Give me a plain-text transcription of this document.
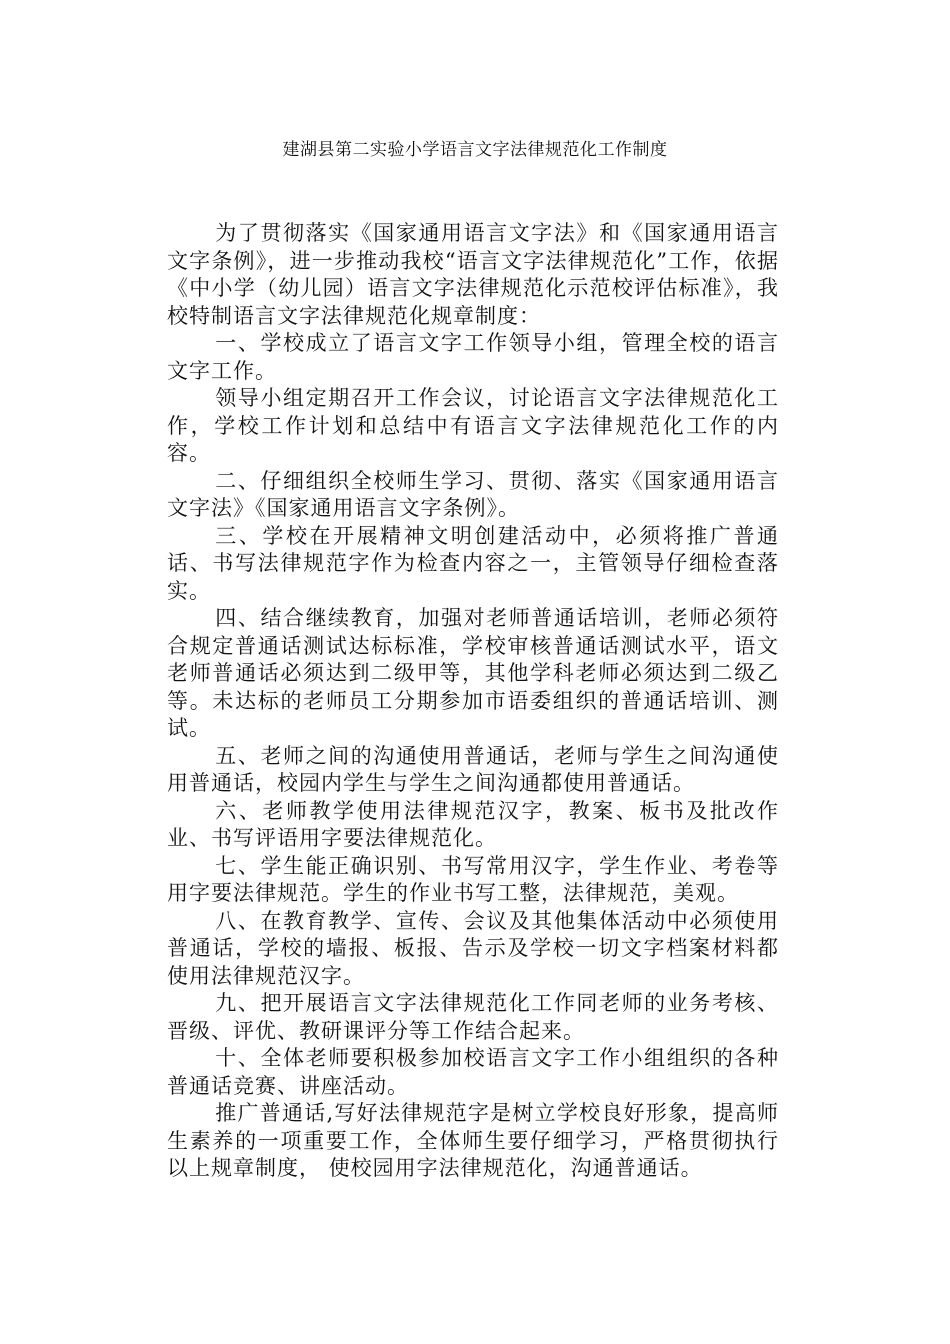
建湖县第二实验小学语言文字法律规范化工作制度

为了贯彻落实《国家通用语言文字法》和《国家通用语言文字条例》，进一步推动我校“语言文字法律规范化”工作，依据《中小学（幼儿园）语言文字法律规范化示范校评估标准》，我校特制语言文字法律规范化规章制度：

一、学校成立了语言文字工作领导小组，管理全校的语言文字工作。

领导小组定期召开工作会议，讨论语言文字法律规范化工作，学校工作计划和总结中有语言文字法律规范化工作的内容。

二、仔细组织全校师生学习、贯彻、落实《国家通用语言文字法》《国家通用语言文字条例》。

三、学校在开展精神文明创建活动中，必须将推广普通话、书写法律规范字作为检查内容之一，主管领导仔细检查落实。

四、结合继续教育，加强对老师普通话培训，老师必须符合规定普通话测试达标标准，学校审核普通话测试水平，语文老师普通话必须达到二级甲等，其他学科老师必须达到二级乙等。未达标的老师员工分期参加市语委组织的普通话培训、测试。

五、老师之间的沟通使用普通话，老师与学生之间沟通使用普通话，校园内学生与学生之间沟通都使用普通话。

六、老师教学使用法律规范汉字，教案、板书及批改作业、书写评语用字要法律规范化。

七、学生能正确识别、书写常用汉字，学生作业、考卷等用字要法律规范。学生的作业书写工整，法律规范，美观。

八、在教育教学、宣传、会议及其他集体活动中必须使用普通话，学校的墙报、板报、告示及学校一切文字档案材料都使用法律规范汉字。

九、把开展语言文字法律规范化工作同老师的业务考核、晋级、评优、教研课评分等工作结合起来。

十、全体老师要积极参加校语言文字工作小组组织的各种普通话竞赛、讲座活动。

推广普通话,写好法律规范字是树立学校良好形象，提高师生素养的一项重要工作，全体师生要仔细学习，严格贯彻执行以上规章制度， 使校园用字法律规范化，沟通普通话。
